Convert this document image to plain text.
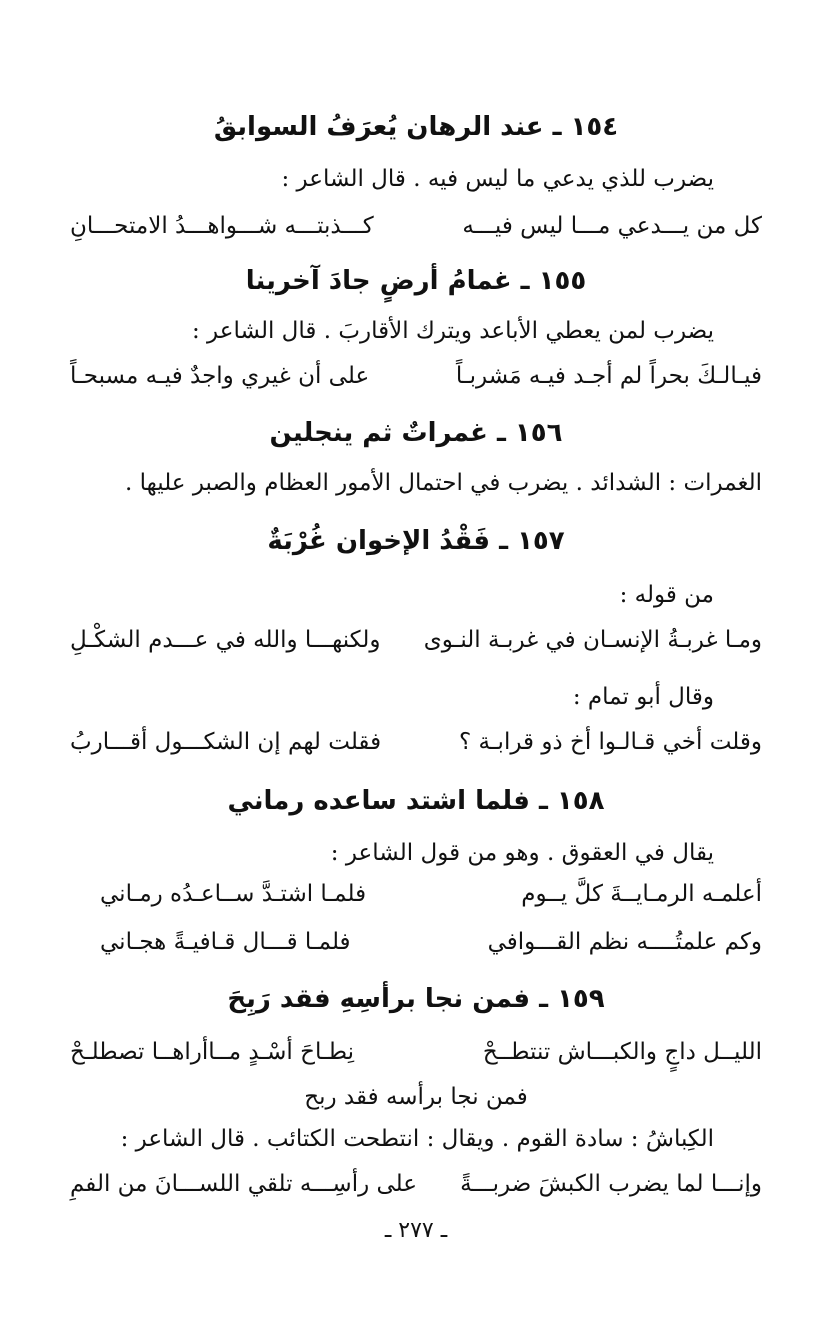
١٥٤ ـ عند الرهان يُعرَفُ السوابقُ

يضرب للذي يدعي ما ليس فيه . قال الشاعر :

كل من يـــدعي مـــا ليس فيـــه
كـــذبتـــه شـــواهـــدُ الامتحـــانِ
١٥٥ ـ غمامُ أرضٍ جادَ آخرينا

يضرب لمن يعطي الأباعد ويترك الأقاربَ . قال الشاعر :

فيـالـكَ بحراً لم أجـد فيـه مَشربـاً
على أن غيري واجدٌ فيـه مسبحـاً
١٥٦ ـ غمراتٌ ثم ينجلين

الغمرات : الشدائد . يضرب في احتمال الأمور العظام والصبر عليها .

١٥٧ ـ فَقْدُ الإخوان غُرْبَةٌ

من قوله :

ومـا غربـةُ الإنسـان في غربـة النـوى
ولكنهـــا والله في عـــدم الشكْـلِ

وقال أبو تمام :

وقلت أخي قـالـوا أخ ذو قرابـة ؟
فقلت لهم إن الشكـــول أقـــاربُ
١٥٨ ـ فلما اشتد ساعده رماني

يقال في العقوق . وهو من قول الشاعر :

أعلمـه الرمـايــةَ كلَّ يــوم
فلمـا اشتـدَّ ســاعـدُه رمـاني
وكم علمتُــــه نظم القـــوافي
فلمـا قـــال قـافيـةً هجـاني
١٥٩ ـ فمن نجا برأسِهِ فقد رَبِحَ
الليــل داجٍ والكبـــاش تنتطــحْ
نِطـاحَ أسْـدٍ مــاأراهــا تصطلـحْ

فمن نجا برأسه فقد ربح

الكِباشُ : سادة القوم . ويقال : انتطحت الكتائب . قال الشاعر :

وإنـــا لما يضرب الكبشَ ضربـــةً
على رأسِـــه تلقي اللســـانَ من الفمِ
ـ ٢٧٧ ـ
